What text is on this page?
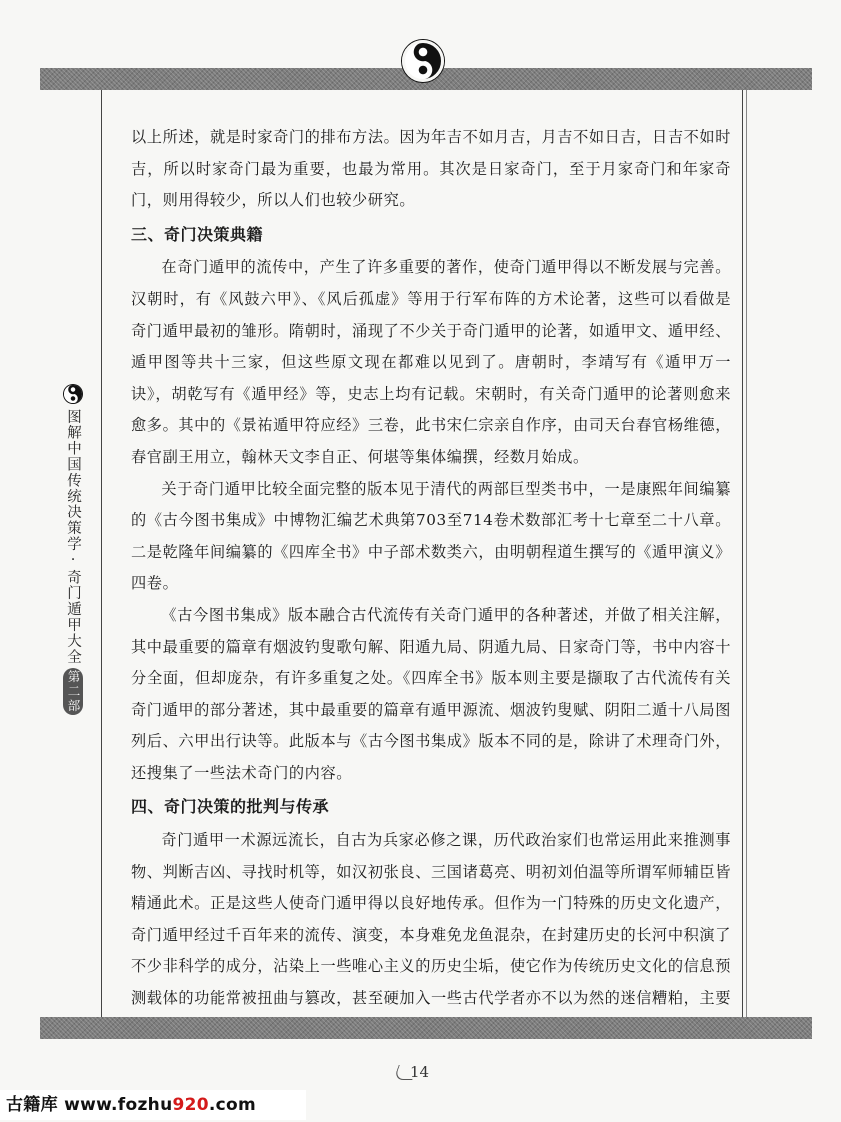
图解中国传统决策学·奇门遁甲大全
第二部

以上所述，就是时家奇门的排布方法。因为年吉不如月吉，月吉不如日吉，日吉不如时吉，所以时家奇门最为重要，也最为常用。其次是日家奇门，至于月家奇门和年家奇门，则用得较少，所以人们也较少研究。

三、奇门决策典籍

在奇门遁甲的流传中，产生了许多重要的著作，使奇门遁甲得以不断发展与完善。汉朝时，有《风鼓六甲》、《风后孤虚》等用于行军布阵的方术论著，这些可以看做是奇门遁甲最初的雏形。隋朝时，涌现了不少关于奇门遁甲的论著，如遁甲文、遁甲经、遁甲图等共十三家，但这些原文现在都难以见到了。唐朝时，李靖写有《遁甲万一诀》，胡乾写有《遁甲经》等，史志上均有记载。宋朝时，有关奇门遁甲的论著则愈来愈多。其中的《景祐遁甲符应经》三卷，此书宋仁宗亲自作序，由司天台春官杨维德，春官副王用立，翰林天文李自正、何堪等集体编撰，经数月始成。

关于奇门遁甲比较全面完整的版本见于清代的两部巨型类书中，一是康熙年间编纂的《古今图书集成》中博物汇编艺术典第703至714卷术数部汇考十七章至二十八章。二是乾隆年间编纂的《四库全书》中子部术数类六，由明朝程道生撰写的《遁甲演义》四卷。

《古今图书集成》版本融合古代流传有关奇门遁甲的各种著述，并做了相关注解，其中最重要的篇章有烟波钓叟歌句解、阳遁九局、阴遁九局、日家奇门等，书中内容十分全面，但却庞杂，有许多重复之处。《四库全书》版本则主要是撷取了古代流传有关奇门遁甲的部分著述，其中最重要的篇章有遁甲源流、烟波钓叟赋、阴阳二遁十八局图列后、六甲出行诀等。此版本与《古今图书集成》版本不同的是，除讲了术理奇门外，还搜集了一些法术奇门的内容。

四、奇门决策的批判与传承

奇门遁甲一术源远流长，自古为兵家必修之课，历代政治家们也常运用此来推测事物、判断吉凶、寻找时机等，如汉初张良、三国诸葛亮、明初刘伯温等所谓军师辅臣皆精通此术。正是这些人使奇门遁甲得以良好地传承。但作为一门特殊的历史文化遗产，奇门遁甲经过千百年来的流传、演变，本身难免龙鱼混杂，在封建历史的长河中积演了不少非科学的成分，沾染上一些唯心主义的历史尘垢，使它作为传统历史文化的信息预测载体的功能常被扭曲与篡改，甚至硬加入一些古代学者亦不以为然的迷信糟粕，主要

14
古籍库 www.fozhu920.com
